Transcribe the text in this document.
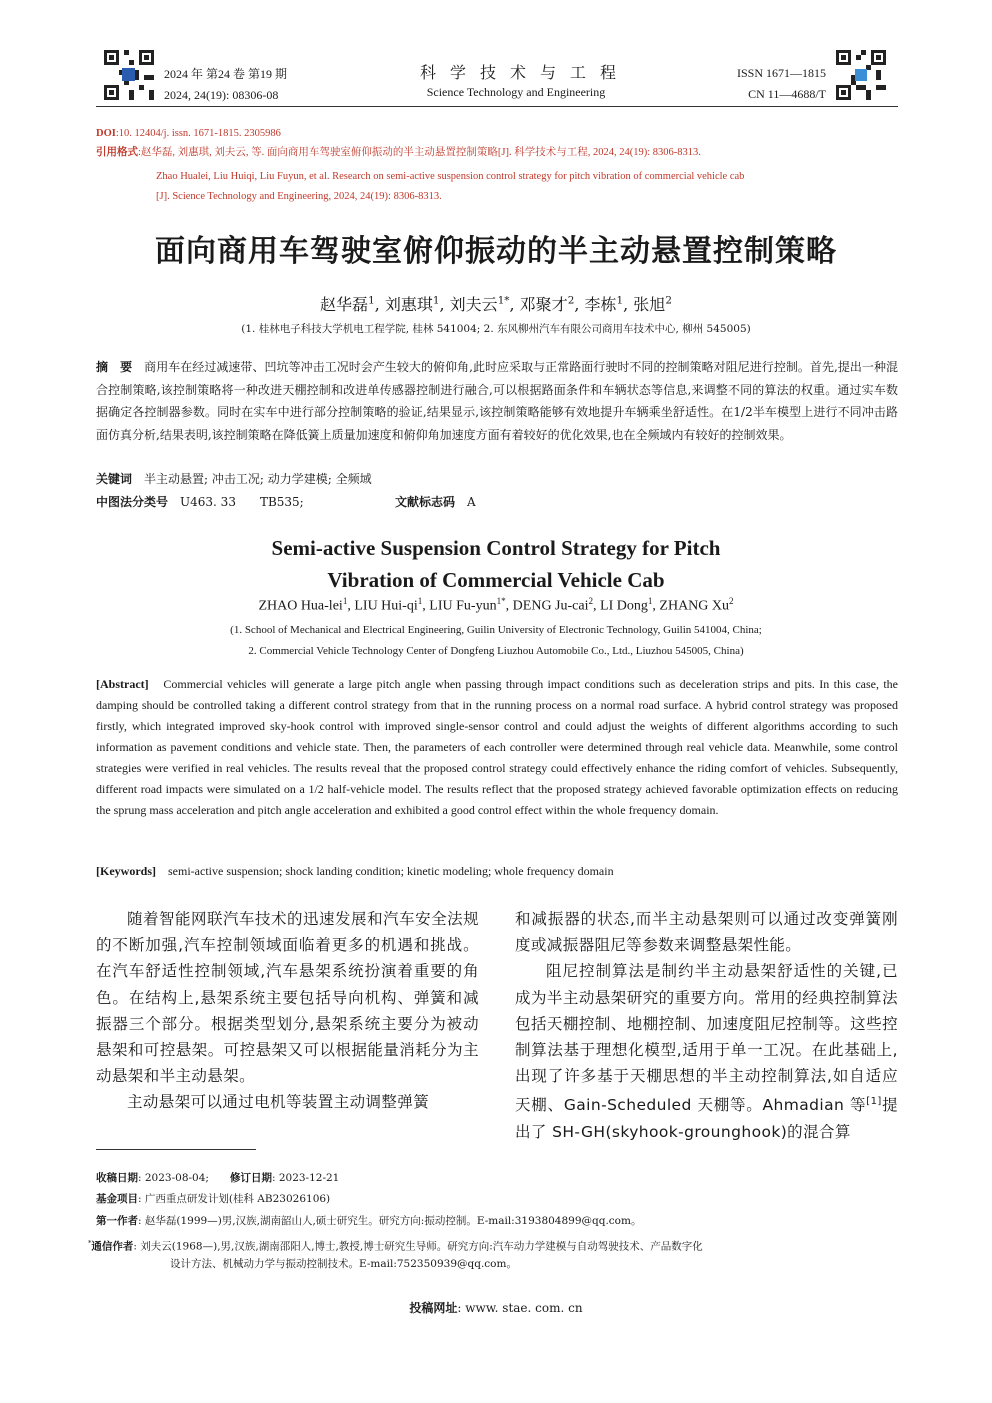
2024 年 第24 卷 第19 期
2024, 24(19): 08306-08
科学技术与工程
Science Technology and Engineering
ISSN 1671—1815
CN 11—4688/T
DOI:10. 12404/j. issn. 1671-1815. 2305986
引用格式:赵华磊, 刘惠琪, 刘夫云, 等. 面向商用车驾驶室俯仰振动的半主动悬置控制策略[J]. 科学技术与工程, 2024, 24(19): 8306-8313.
Zhao Hualei, Liu Huiqi, Liu Fuyun, et al. Research on semi-active suspension control strategy for pitch vibration of commercial vehicle cab
[J]. Science Technology and Engineering, 2024, 24(19): 8306-8313.
面向商用车驾驶室俯仰振动的半主动悬置控制策略
赵华磊$^1$, 刘惠琪$^1$, 刘夫云$^{1*}$, 邓聚才$^2$, 李栋$^1$, 张旭$^2$
(1. 桂林电子科技大学机电工程学院, 桂林 541004; 2. 东风柳州汽车有限公司商用车技术中心, 柳州 545005)
摘　要　 商用车在经过减速带、凹坑等冲击工况时会产生较大的俯仰角,此时应采取与正常路面行驶时不同的控制策略对阻尼进行控制。首先,提出一种混合控制策略,该控制策略将一种改进天棚控制和改进单传感器控制进行融合,可以根据路面条件和车辆状态等信息,来调整不同的算法的权重。通过实车数据确定各控制器参数。同时在实车中进行部分控制策略的验证,结果显示,该控制策略能够有效地提升车辆乘坐舒适性。在1/2半车模型上进行不同冲击路面仿真分析,结果表明,该控制策略在降低簧上质量加速度和俯仰角加速度方面有着较好的优化效果,也在全频域内有较好的控制效果。
关键词　 半主动悬置; 冲击工况; 动力学建模; 全频域
中图法分类号　 U463. 33　　TB535;	文献标志码　 A
Semi-active Suspension Control Strategy for Pitch
Vibration of Commercial Vehicle Cab
ZHAO Hua-lei$^1$, LIU Hui-$qi^1$, LIU Fu-yun$^{1*}$, DENG Ju-cai$^2$, LI Dong$^1$, ZHANG Xu$^2$
(1. School of Mechanical and Electrical Engineering, Guilin University of Electronic Technology, Guilin 541004, China;
2. Commercial Vehicle Technology Center of Dongfeng Liuzhou Automobile Co., Ltd., Liuzhou 545005, China)
[Abstract]　 Commercial vehicles will generate a large pitch angle when passing through impact conditions such as deceleration strips and pits. In this case, the damping should be controlled taking a different control strategy from that in the running process on a normal road surface. A hybrid control strategy was proposed firstly, which integrated improved sky-hook control with improved single-sensor control and could adjust the weights of different algorithms according to such information as pavement conditions and vehicle state. Then, the parameters of each controller were determined through real vehicle data. Meanwhile, some control strategies were verified in real vehicles. The results reveal that the proposed control strategy could effectively enhance the riding comfort of vehicles. Subsequently, different road impacts were simulated on a 1/2 half-vehicle model. The results reflect that the proposed strategy achieved favorable optimization effects on reducing the sprung mass acceleration and pitch angle acceleration and exhibited a good control effect within the whole frequency domain.
[Keywords]　 semi-active suspension; shock landing condition; kinetic modeling; whole frequency domain

随着智能网联汽车技术的迅速发展和汽车安全法规的不断加强,汽车控制领域面临着更多的机遇和挑战。在汽车舒适性控制领域,汽车悬架系统扮演着重要的角色。在结构上,悬架系统主要包括导向机构、弹簧和减振器三个部分。根据类型划分,悬架系统主要分为被动悬架和可控悬架。可控悬架又可以根据能量消耗分为主动悬架和半主动悬架。

主动悬架可以通过电机等装置主动调整弹簧

和减振器的状态,而半主动悬架则可以通过改变弹簧刚度或减振器阻尼等参数来调整悬架性能。

阻尼控制算法是制约半主动悬架舒适性的关键,已成为半主动悬架研究的重要方向。常用的经典控制算法包括天棚控制、地棚控制、加速度阻尼控制等。这些控制算法基于理想化模型,适用于单一工况。在此基础上,出现了许多基于天棚思想的半主动控制算法,如自适应天棚、Gain-Scheduled 天棚等。Ahmadian 等[1]提出了 SH-GH(skyhook-grounghook)的混合算

收稿日期: 2023-08-04;　　 修订日期: 2023-12-21
基金项目: 广西重点研发计划(桂科 AB23026106)
第一作者: 赵华磊(1999—)男,汉族,湖南韶山人,硕士研究生。研究方向:振动控制。E-mail:3193804899@qq.com。
*通信作者: 刘夫云(1968—),男,汉族,湖南邵阳人,博士,教授,博士研究生导师。研究方向:汽车动力学建模与自动驾驶技术、产品数字化
设计方法、机械动力学与振动控制技术。E-mail:752350939@qq.com。
投稿网址: www. stae. com. cn
